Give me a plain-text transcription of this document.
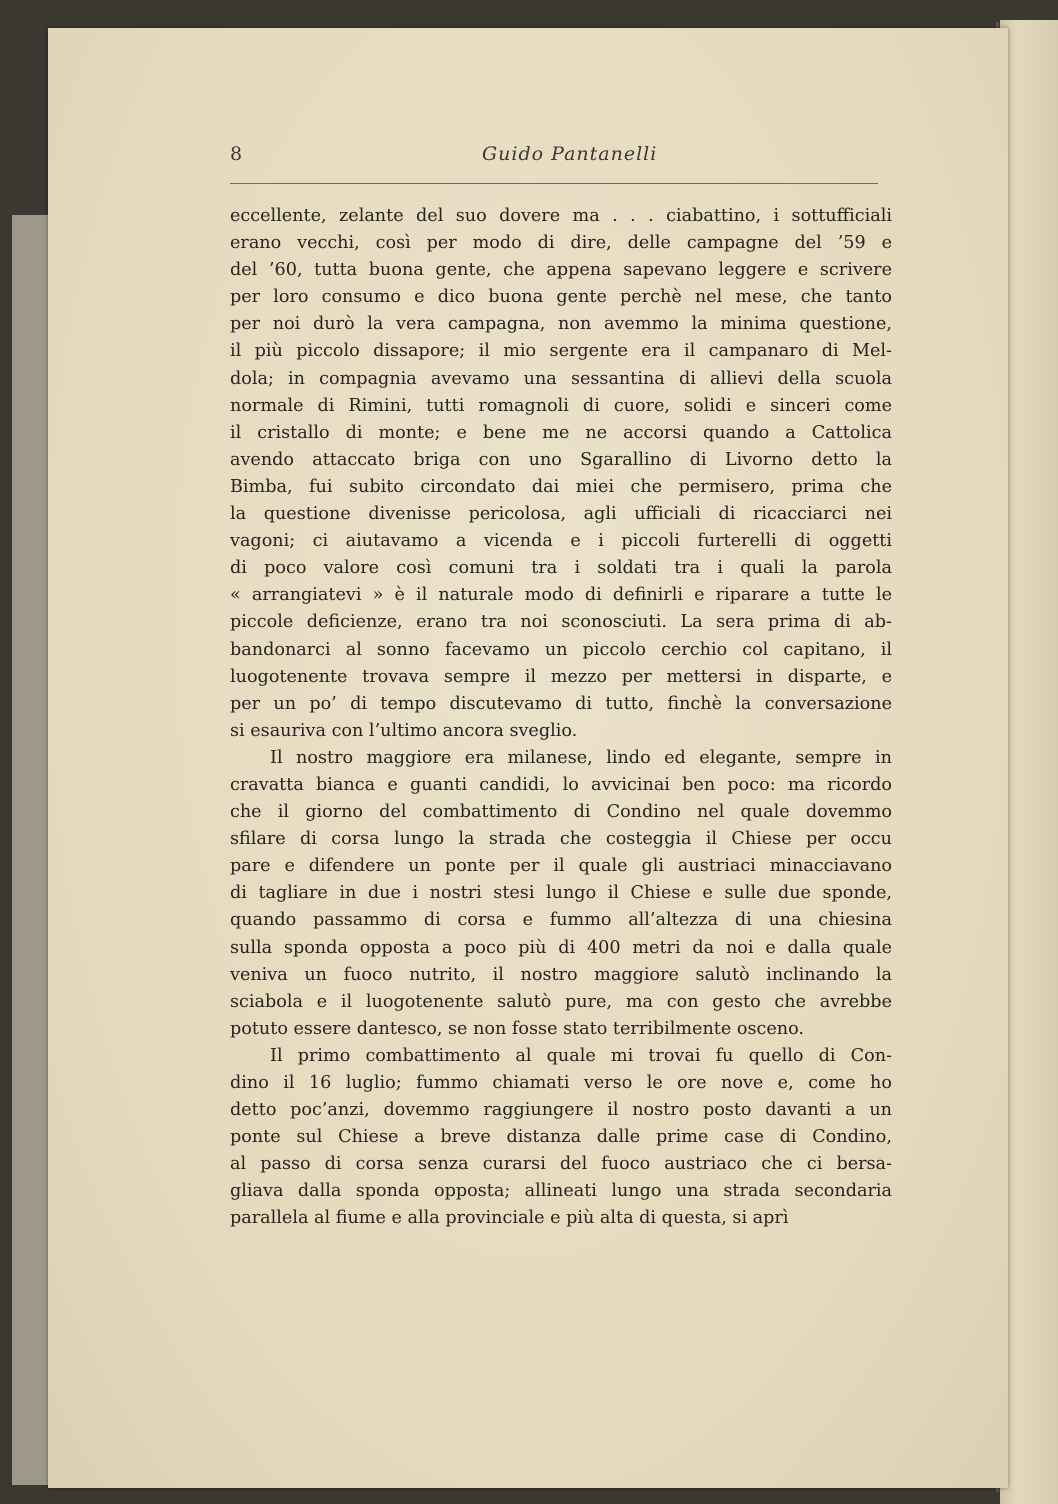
8	Guido Pantanelli
eccellente, zelante del suo dovere ma . . . ciabattino, i sottufficiali
erano vecchi, così per modo di dire, delle campagne del ’59 e
del ’60, tutta buona gente, che appena sapevano leggere e scrivere
per loro consumo e dico buona gente perchè nel mese, che tanto
per noi durò la vera campagna, non avemmo la minima questione,
il più piccolo dissapore; il mio sergente era il campanaro di Mel-
dola; in compagnia avevamo una sessantina di allievi della scuola
normale di Rimini, tutti romagnoli di cuore, solidi e sinceri come
il cristallo di monte; e bene me ne accorsi quando a Cattolica
avendo attaccato briga con uno Sgarallino di Livorno detto la
Bimba, fui subito circondato dai miei che permisero, prima che
la questione divenisse pericolosa, agli ufficiali di ricacciarci nei
vagoni; ci aiutavamo a vicenda e i piccoli furterelli di oggetti
di poco valore così comuni tra i soldati tra i quali la parola
« arrangiatevi » è il naturale modo di definirli e riparare a tutte le
piccole deficienze, erano tra noi sconosciuti. La sera prima di ab-
bandonarci al sonno facevamo un piccolo cerchio col capitano, il
luogotenente trovava sempre il mezzo per mettersi in disparte, e
per un po’ di tempo discutevamo di tutto, finchè la conversazione
si esauriva con l’ultimo ancora sveglio.
Il nostro maggiore era milanese, lindo ed elegante, sempre in
cravatta bianca e guanti candidi, lo avvicinai ben poco: ma ricordo
che il giorno del combattimento di Condino nel quale dovemmo
sfilare di corsa lungo la strada che costeggia il Chiese per occu
pare e difendere un ponte per il quale gli austriaci minacciavano
di tagliare in due i nostri stesi lungo il Chiese e sulle due sponde,
quando passammo di corsa e fummo all’altezza di una chiesina
sulla sponda opposta a poco più di 400 metri da noi e dalla quale
veniva un fuoco nutrito, il nostro maggiore salutò inclinando la
sciabola e il luogotenente salutò pure, ma con gesto che avrebbe
potuto essere dantesco, se non fosse stato terribilmente osceno.
Il primo combattimento al quale mi trovai fu quello di Con-
dino il 16 luglio; fummo chiamati verso le ore nove e, come ho
detto poc’anzi, dovemmo raggiungere il nostro posto davanti a un
ponte sul Chiese a breve distanza dalle prime case di Condino,
al passo di corsa senza curarsi del fuoco austriaco che ci bersa-
gliava dalla sponda opposta; allineati lungo una strada secondaria
parallela al fiume e alla provinciale e più alta di questa, si aprì
